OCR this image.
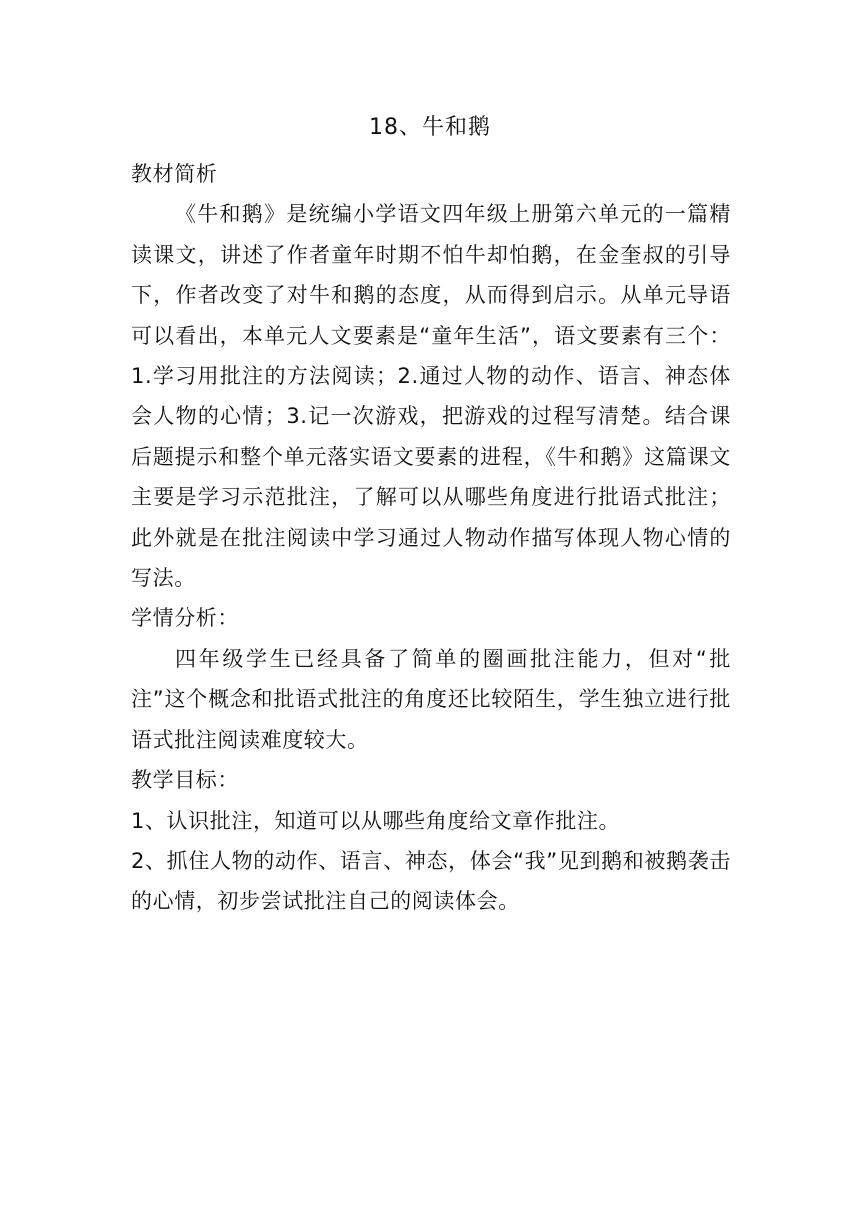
18、牛和鹅

教材简析

《牛和鹅》是统编小学语文四年级上册第六单元的一篇精读课文，讲述了作者童年时期不怕牛却怕鹅，在金奎叔的引导下，作者改变了对牛和鹅的态度，从而得到启示。从单元导语可以看出，本单元人文要素是“童年生活”，语文要素有三个：1.学习用批注的方法阅读；2.通过人物的动作、语言、神态体会人物的心情；3.记一次游戏，把游戏的过程写清楚。结合课后题提示和整个单元落实语文要素的进程，《牛和鹅》这篇课文主要是学习示范批注，了解可以从哪些角度进行批语式批注；此外就是在批注阅读中学习通过人物动作描写体现人物心情的写法。

学情分析：

四年级学生已经具备了简单的圈画批注能力，但对“批注”这个概念和批语式批注的角度还比较陌生，学生独立进行批语式批注阅读难度较大。

教学目标：

1、认识批注，知道可以从哪些角度给文章作批注。

2、抓住人物的动作、语言、神态，体会“我”见到鹅和被鹅袭击的心情，初步尝试批注自己的阅读体会。
